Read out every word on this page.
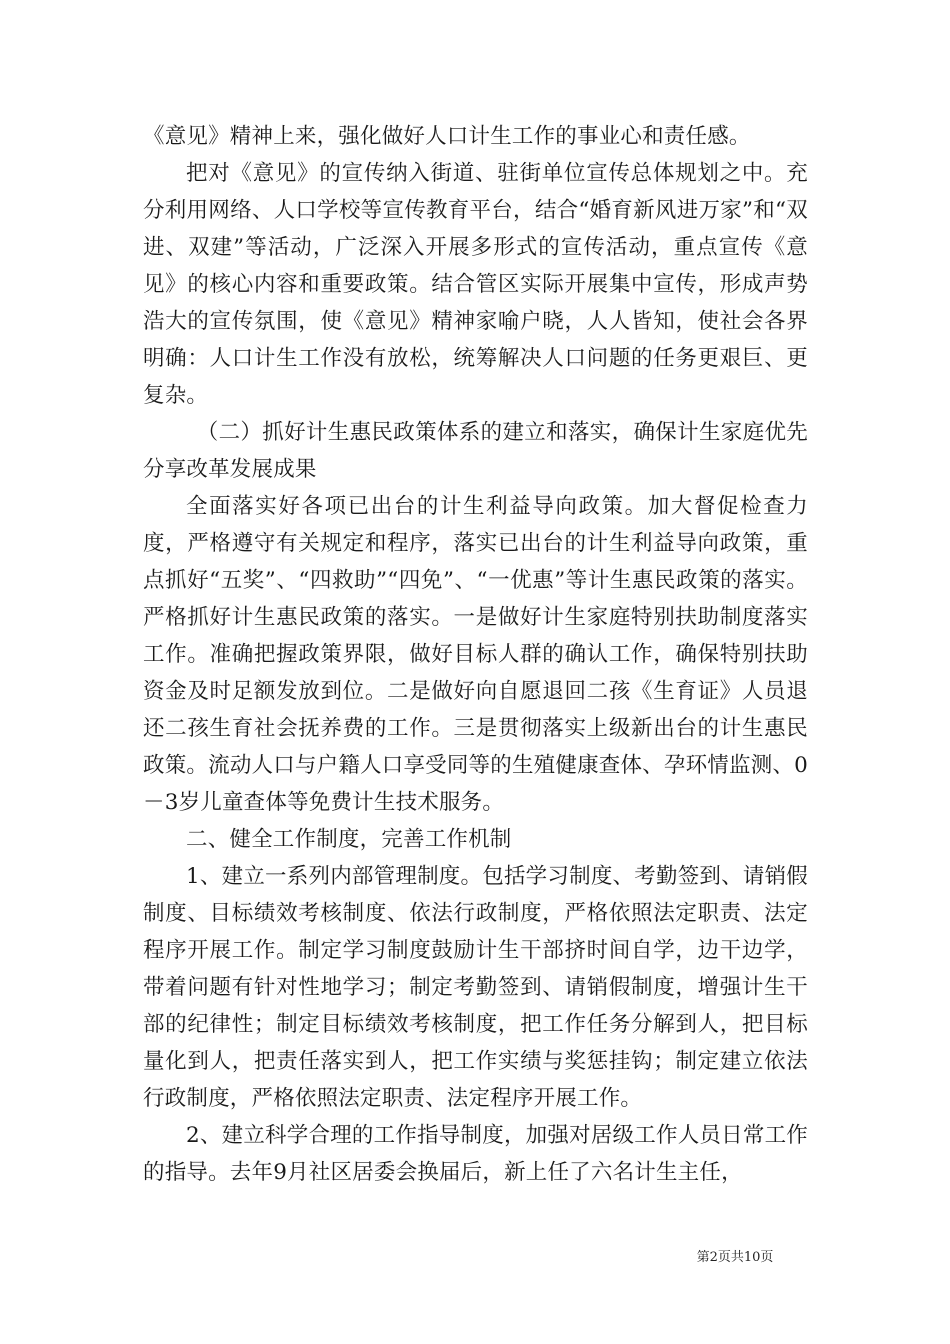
《意见》精神上来，强化做好人口计生工作的事业心和责任感。

把对《意见》的宣传纳入街道、驻街单位宣传总体规划之中。充分利用网络、人口学校等宣传教育平台，结合“婚育新风进万家”和“双进、双建”等活动，广泛深入开展多形式的宣传活动，重点宣传《意见》的核心内容和重要政策。结合管区实际开展集中宣传，形成声势浩大的宣传氛围，使《意见》精神家喻户晓，人人皆知，使社会各界明确：人口计生工作没有放松，统筹解决人口问题的任务更艰巨、更复杂。

（二）抓好计生惠民政策体系的建立和落实，确保计生家庭优先分享改革发展成果

全面落实好各项已出台的计生利益导向政策。加大督促检查力度，严格遵守有关规定和程序，落实已出台的计生利益导向政策，重点抓好“五奖”、“四救助”“四免”、“一优惠”等计生惠民政策的落实。严格抓好计生惠民政策的落实。一是做好计生家庭特别扶助制度落实工作。准确把握政策界限，做好目标人群的确认工作，确保特别扶助资金及时足额发放到位。二是做好向自愿退回二孩《生育证》人员退还二孩生育社会抚养费的工作。三是贯彻落实上级新出台的计生惠民政策。流动人口与户籍人口享受同等的生殖健康查体、孕环情监测、0－3岁儿童查体等免费计生技术服务。

二、健全工作制度，完善工作机制

1、建立一系列内部管理制度。包括学习制度、考勤签到、请销假制度、目标绩效考核制度、依法行政制度，严格依照法定职责、法定程序开展工作。制定学习制度鼓励计生干部挤时间自学，边干边学，带着问题有针对性地学习；制定考勤签到、请销假制度，增强计生干部的纪律性；制定目标绩效考核制度，把工作任务分解到人，把目标量化到人，把责任落实到人，把工作实绩与奖惩挂钩；制定建立依法行政制度，严格依照法定职责、法定程序开展工作。

2、建立科学合理的工作指导制度，加强对居级工作人员日常工作的指导。去年9月社区居委会换届后，新上任了六名计生主任，

第2页共10页
